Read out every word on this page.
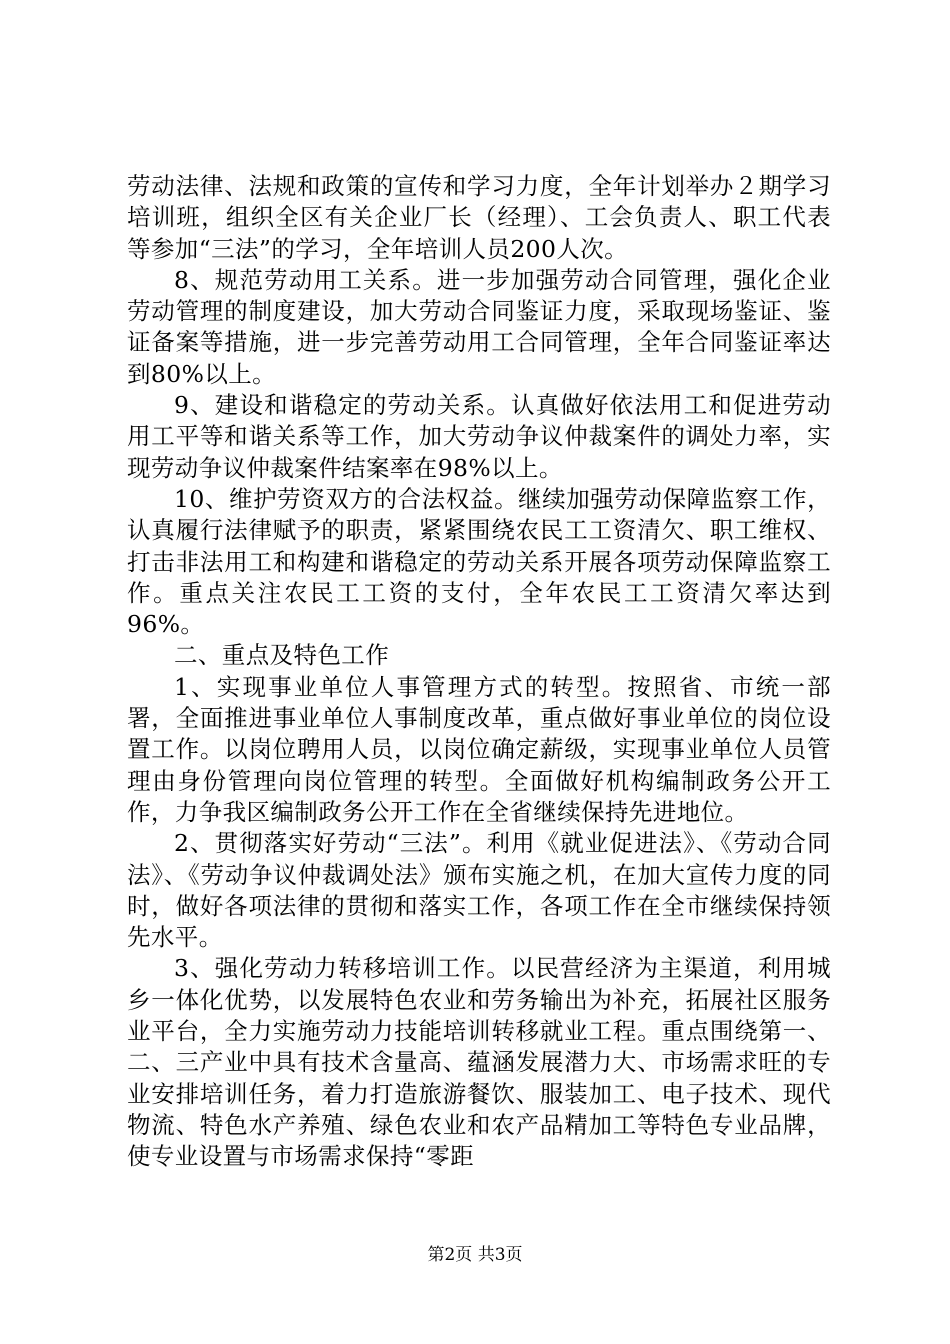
劳动法律、法规和政策的宣传和学习力度，全年计划举办２期学习培训班，组织全区有关企业厂长（经理）、工会负责人、职工代表等参加“三法”的学习，全年培训人员200人次。

8、规范劳动用工关系。进一步加强劳动合同管理，强化企业劳动管理的制度建设，加大劳动合同鉴证力度，采取现场鉴证、鉴证备案等措施，进一步完善劳动用工合同管理，全年合同鉴证率达到80%以上。

9、建设和谐稳定的劳动关系。认真做好依法用工和促进劳动用工平等和谐关系等工作，加大劳动争议仲裁案件的调处力率，实现劳动争议仲裁案件结案率在98%以上。

10、维护劳资双方的合法权益。继续加强劳动保障监察工作，认真履行法律赋予的职责，紧紧围绕农民工工资清欠、职工维权、打击非法用工和构建和谐稳定的劳动关系开展各项劳动保障监察工作。重点关注农民工工资的支付，全年农民工工资清欠率达到96%。

二、重点及特色工作

1、实现事业单位人事管理方式的转型。按照省、市统一部署，全面推进事业单位人事制度改革，重点做好事业单位的岗位设置工作。以岗位聘用人员，以岗位确定薪级，实现事业单位人员管理由身份管理向岗位管理的转型。全面做好机构编制政务公开工作，力争我区编制政务公开工作在全省继续保持先进地位。

2、贯彻落实好劳动“三法”。利用《就业促进法》、《劳动合同法》、《劳动争议仲裁调处法》颁布实施之机，在加大宣传力度的同时，做好各项法律的贯彻和落实工作，各项工作在全市继续保持领先水平。

3、强化劳动力转移培训工作。以民营经济为主渠道，利用城乡一体化优势，以发展特色农业和劳务输出为补充，拓展社区服务业平台，全力实施劳动力技能培训转移就业工程。重点围绕第一、二、三产业中具有技术含量高、蕴涵发展潜力大、市场需求旺的专业安排培训任务，着力打造旅游餐饮、服装加工、电子技术、现代物流、特色水产养殖、绿色农业和农产品精加工等特色专业品牌，使专业设置与市场需求保持“零距

第2页 共3页
